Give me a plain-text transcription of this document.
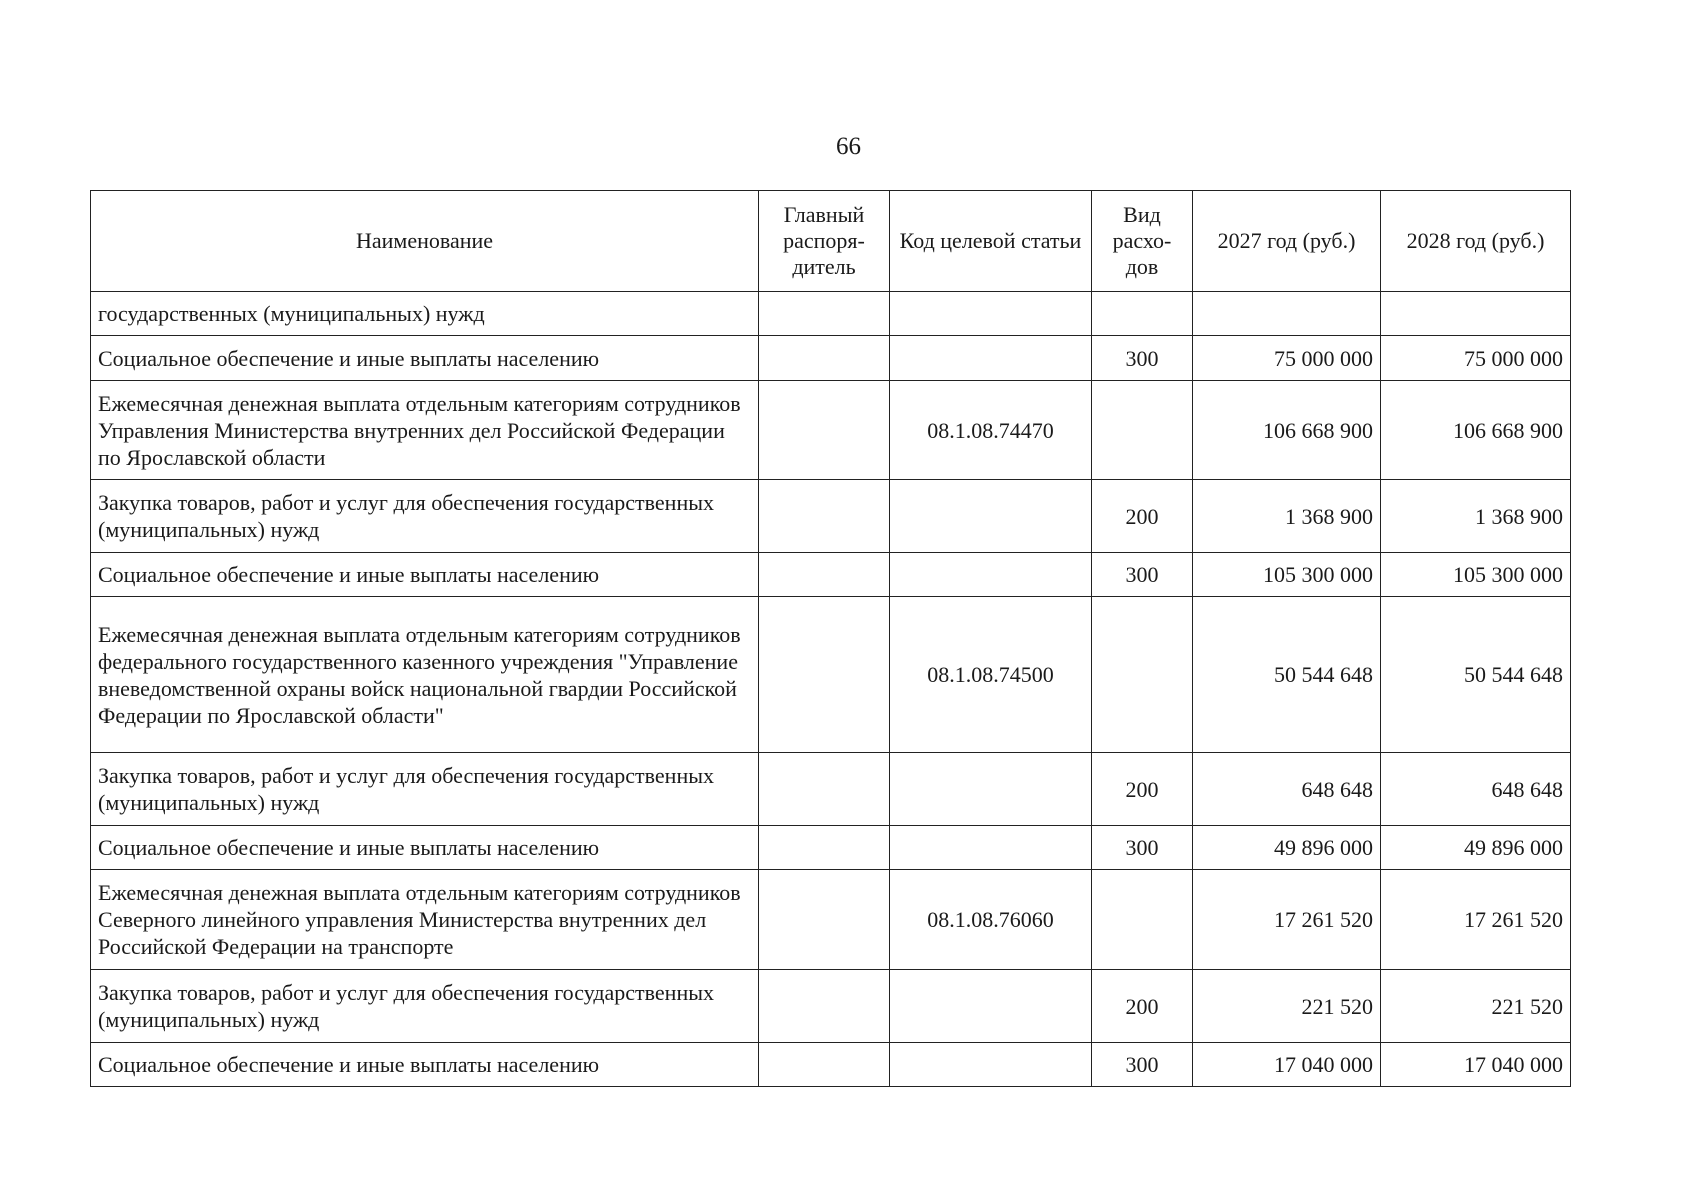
66
Наименование	Главный распоря-дитель	Код целевой статьи	Вид расхо-дов	2027 год (руб.)	2028 год (руб.)
государственных (муниципальных) нужд					
Социальное обеспечение и иные выплаты населению			300	75 000 000	75 000 000
Ежемесячная денежная выплата отдельным категориям сотрудников Управления Министерства внутренних дел Российской Федерации по Ярославской области		08.1.08.74470		106 668 900	106 668 900
Закупка товаров, работ и услуг для обеспечения государственных (муниципальных) нужд			200	1 368 900	1 368 900
Социальное обеспечение и иные выплаты населению			300	105 300 000	105 300 000
Ежемесячная денежная выплата отдельным категориям сотрудников федерального государственного казенного учреждения "Управление вневедомственной охраны войск национальной гвардии Российской Федерации по Ярославской области"		08.1.08.74500		50 544 648	50 544 648
Закупка товаров, работ и услуг для обеспечения государственных (муниципальных) нужд			200	648 648	648 648
Социальное обеспечение и иные выплаты населению			300	49 896 000	49 896 000
Ежемесячная денежная выплата отдельным категориям сотрудников Северного линейного управления Министерства внутренних дел Российской Федерации на транспорте		08.1.08.76060		17 261 520	17 261 520
Закупка товаров, работ и услуг для обеспечения государственных (муниципальных) нужд			200	221 520	221 520
Социальное обеспечение и иные выплаты населению			300	17 040 000	17 040 000
